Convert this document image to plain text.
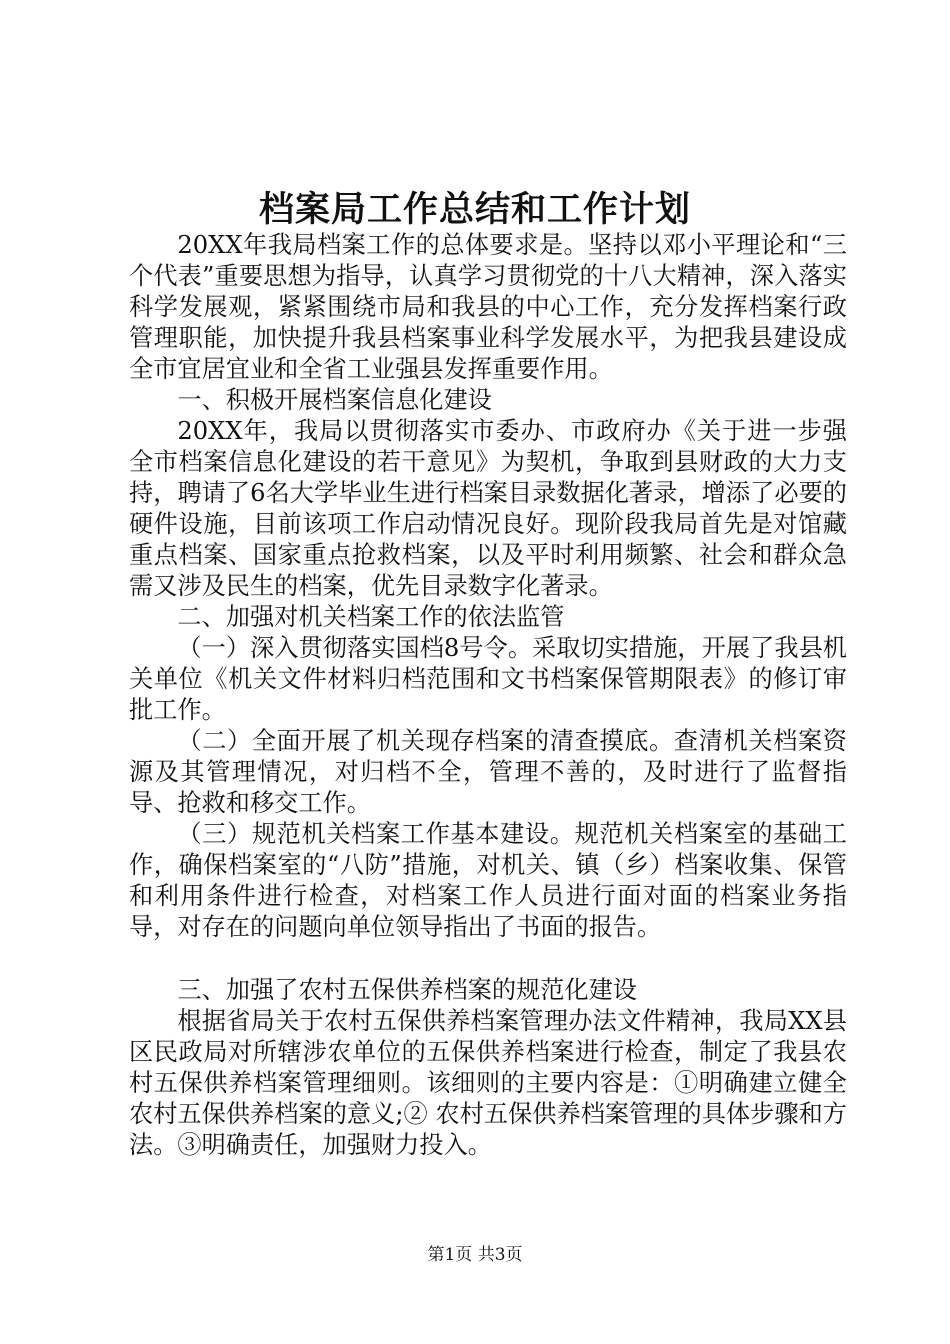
档案局工作总结和工作计划

20XX年我局档案工作的总体要求是。坚持以邓小平理论和“三个代表”重要思想为指导，认真学习贯彻党的十八大精神，深入落实科学发展观，紧紧围绕市局和我县的中心工作，充分发挥档案行政管理职能，加快提升我县档案事业科学发展水平，为把我县建设成全市宜居宜业和全省工业强县发挥重要作用。

一、积极开展档案信息化建设

20XX年，我局以贯彻落实市委办、市政府办《关于进一步强全市档案信息化建设的若干意见》为契机，争取到县财政的大力支持，聘请了6名大学毕业生进行档案目录数据化著录，增添了必要的硬件设施，目前该项工作启动情况良好。现阶段我局首先是对馆藏重点档案、国家重点抢救档案，以及平时利用频繁、社会和群众急需又涉及民生的档案，优先目录数字化著录。

二、加强对机关档案工作的依法监管

（一）深入贯彻落实国档8号令。采取切实措施，开展了我县机关单位《机关文件材料归档范围和文书档案保管期限表》的修订审批工作。

（二）全面开展了机关现存档案的清查摸底。查清机关档案资源及其管理情况，对归档不全，管理不善的，及时进行了监督指导、抢救和移交工作。

（三）规范机关档案工作基本建设。规范机关档案室的基础工作，确保档案室的“八防”措施，对机关、镇（乡）档案收集、保管和利用条件进行检查，对档案工作人员进行面对面的档案业务指导，对存在的问题向单位领导指出了书面的报告。

三、加强了农村五保供养档案的规范化建设

根据省局关于农村五保供养档案管理办法文件精神，我局XX县区民政局对所辖涉农单位的五保供养档案进行检查，制定了我县农村五保供养档案管理细则。该细则的主要内容是：①明确建立健全农村五保供养档案的意义;② 农村五保供养档案管理的具体步骤和方法。③明确责任，加强财力投入。

第1页 共3页
